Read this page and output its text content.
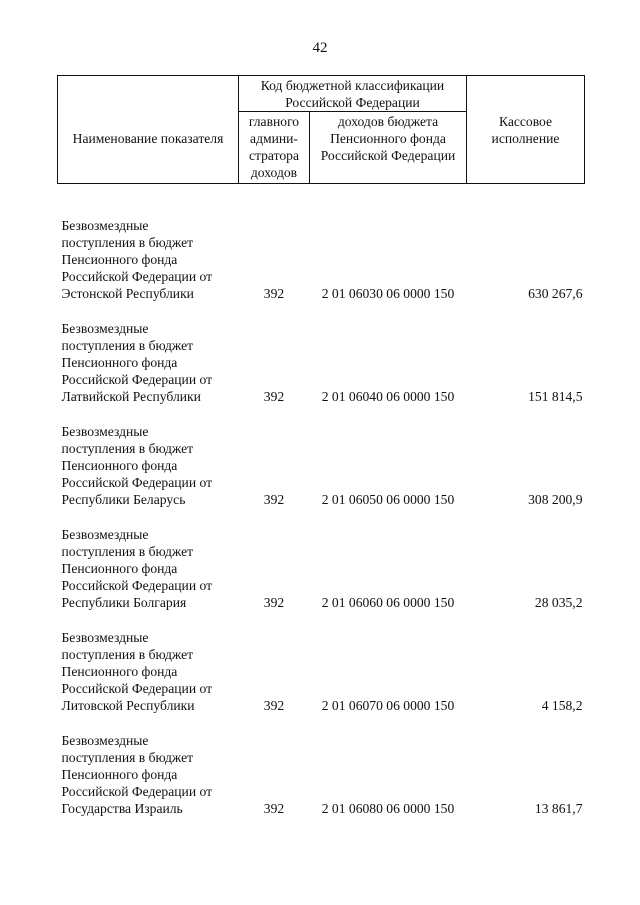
42
Наименование показателя	Код бюджетной классификации Российской Федерации		Кассовое исполнение
	главного админи-стратора доходов	доходов бюджета Пенсионного фонда Российской Федерации	

Безвозмездные
поступления в бюджет
Пенсионного фонда
Российской Федерации от
Эстонской Республики	392	2 01 06030 06 0000 150	630 267,6

Безвозмездные
поступления в бюджет
Пенсионного фонда
Российской Федерации от
Латвийской Республики	392	2 01 06040 06 0000 150	151 814,5

Безвозмездные
поступления в бюджет
Пенсионного фонда
Российской Федерации от
Республики Беларусь	392	2 01 06050 06 0000 150	308 200,9

Безвозмездные
поступления в бюджет
Пенсионного фонда
Российской Федерации от
Республики Болгария	392	2 01 06060 06 0000 150	28 035,2

Безвозмездные
поступления в бюджет
Пенсионного фонда
Российской Федерации от
Литовской Республики	392	2 01 06070 06 0000 150	4 158,2

Безвозмездные
поступления в бюджет
Пенсионного фонда
Российской Федерации от
Государства Израиль	392	2 01 06080 06 0000 150	13 861,7
